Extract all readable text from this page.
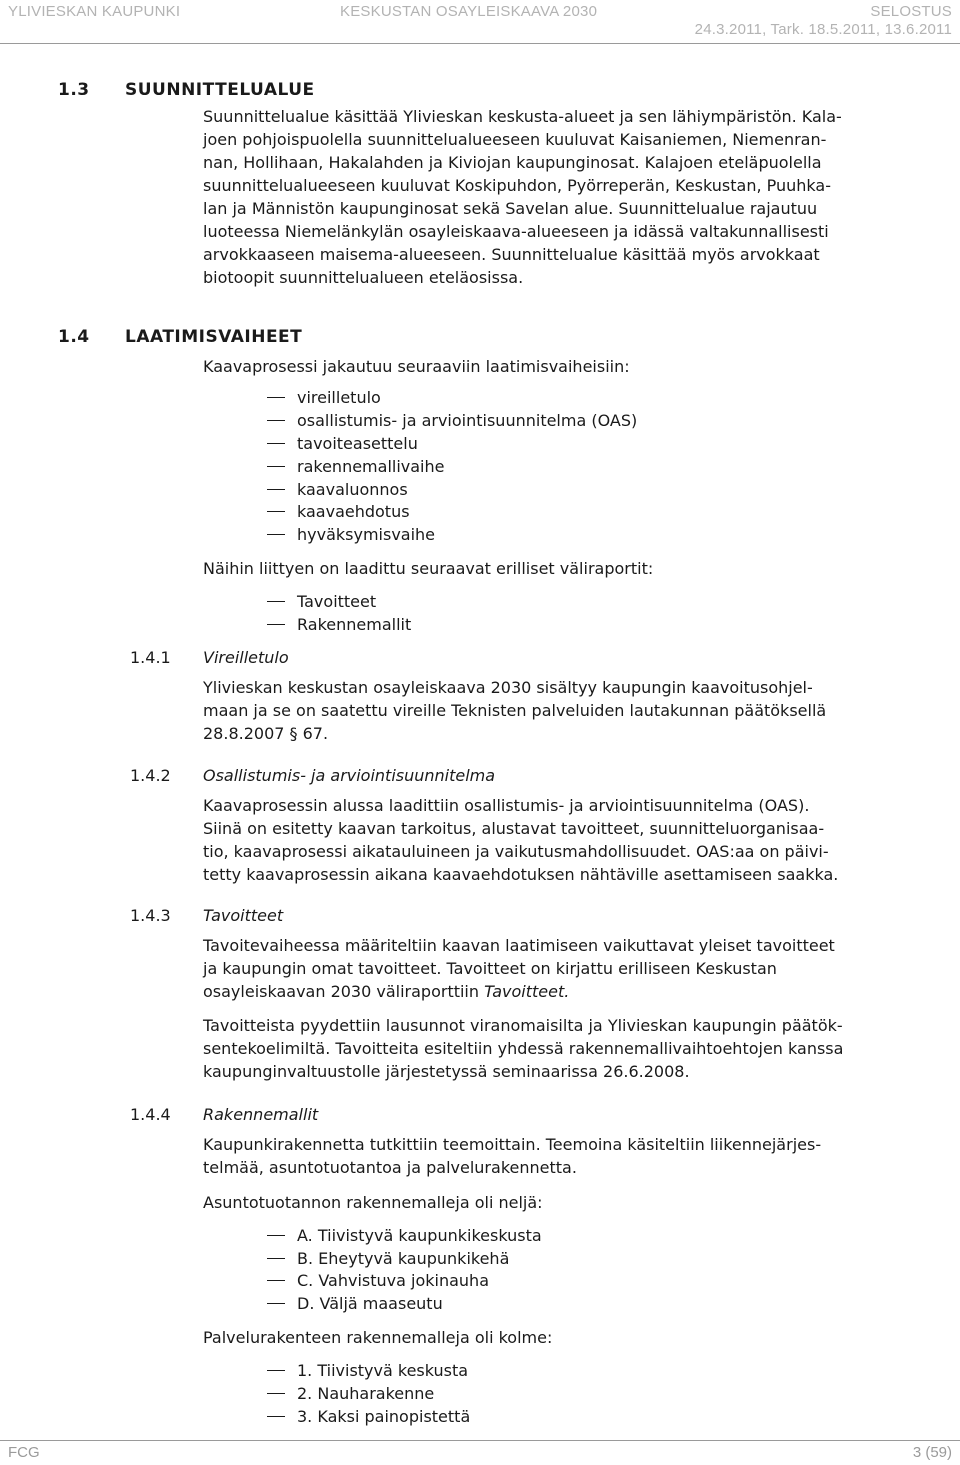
YLIVIESKAN KAUPUNKI	KESKUSTAN OSAYLEISKAAVA 2030	SELOSTUS
24.3.2011, Tark. 18.5.2011, 13.6.2011
1.3 SUUNNITTELUALUE
Suunnittelualue käsittää Ylivieskan keskusta-alueet ja sen lähiympäristön. Kala-
joen pohjoispuolella suunnittelualueeseen kuuluvat Kaisaniemen, Niemenran-
nan, Hollihaan, Hakalahden ja Kiviojan kaupunginosat. Kalajoen eteläpuolella
suunnittelualueeseen kuuluvat Koskipuhdon, Pyörreperän, Keskustan, Puuhka-
lan ja Männistön kaupunginosat sekä Savelan alue. Suunnittelualue rajautuu
luoteessa Niemelänkylän osayleiskaava-alueeseen ja idässä valtakunnallisesti
arvokkaaseen maisema-alueeseen. Suunnittelualue käsittää myös arvokkaat
biotoopit suunnittelualueen eteläosissa.
1.4 LAATIMISVAIHEET
Kaavaprosessi jakautuu seuraaviin laatimisvaiheisiin:
vireilletulo
osallistumis- ja arviointisuunnitelma (OAS)
tavoiteasettelu
rakennemallivaihe
kaavaluonnos
kaavaehdotus
hyväksymisvaihe
Näihin liittyen on laadittu seuraavat erilliset väliraportit:
Tavoitteet
Rakennemallit
1.4.1 Vireilletulo
Ylivieskan keskustan osayleiskaava 2030 sisältyy kaupungin kaavoitusohjel-
maan ja se on saatettu vireille Teknisten palveluiden lautakunnan päätöksellä
28.8.2007 § 67.
1.4.2 Osallistumis- ja arviointisuunnitelma
Kaavaprosessin alussa laadittiin osallistumis- ja arviointisuunnitelma (OAS).
Siinä on esitetty kaavan tarkoitus, alustavat tavoitteet, suunnitteluorganisaa-
tio, kaavaprosessi aikatauluineen ja vaikutusmahdollisuudet. OAS:aa on päivi-
tetty kaavaprosessin aikana kaavaehdotuksen nähtäville asettamiseen saakka.
1.4.3 Tavoitteet
Tavoitevaiheessa määriteltiin kaavan laatimiseen vaikuttavat yleiset tavoitteet
ja kaupungin omat tavoitteet. Tavoitteet on kirjattu erilliseen Keskustan
osayleiskaavan 2030 väliraporttiin Tavoitteet.
Tavoitteista pyydettiin lausunnot viranomaisilta ja Ylivieskan kaupungin päätök-
sentekoelimiltä. Tavoitteita esiteltiin yhdessä rakennemallivaihtoehtojen kanssa
kaupunginvaltuustolle järjestetyssä seminaarissa 26.6.2008.
1.4.4 Rakennemallit
Kaupunkirakennetta tutkittiin teemoittain. Teemoina käsiteltiin liikennejärjes-
telmää, asuntotuotantoa ja palvelurakennetta.
Asuntotuotannon rakennemalleja oli neljä:
A. Tiivistyvä kaupunkikeskusta
B. Eheytyvä kaupunkikehä
C. Vahvistuva jokinauha
D. Väljä maaseutu
Palvelurakenteen rakennemalleja oli kolme:
1. Tiivistyvä keskusta
2. Nauharakenne
3. Kaksi painopistettä
FCG	3 (59)
